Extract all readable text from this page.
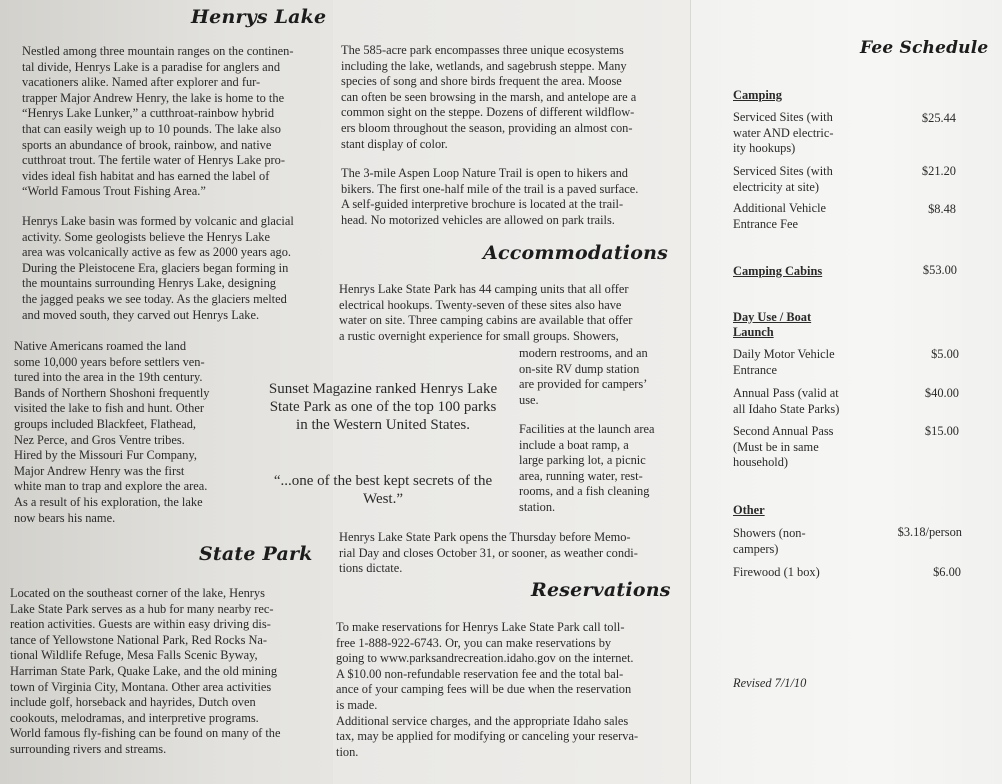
Henrys Lake

Nestled among three mountain ranges on the continen-
tal divide, Henrys Lake is a paradise for anglers and
vacationers alike. Named after explorer and fur-
trapper Major Andrew Henry, the lake is home to the
“Henrys Lake Lunker,” a cutthroat-rainbow hybrid
that can easily weigh up to 10 pounds. The lake also
sports an abundance of brook, rainbow, and native
cutthroat trout. The fertile water of Henrys Lake pro-
vides ideal fish habitat and has earned the label of
“World Famous Trout Fishing Area.”

Henrys Lake basin was formed by volcanic and glacial
activity. Some geologists believe the Henrys Lake
area was volcanically active as few as 2000 years ago.
During the Pleistocene Era, glaciers began forming in
the mountains surrounding Henrys Lake, designing
the jagged peaks we see today. As the glaciers melted
and moved south, they carved out Henrys Lake.

Native Americans roamed the land
some 10,000 years before settlers ven-
tured into the area in the 19th century.
Bands of Northern Shoshoni frequently
visited the lake to fish and hunt. Other
groups included Blackfeet, Flathead,
Nez Perce, and Gros Ventre tribes.
Hired by the Missouri Fur Company,
Major Andrew Henry was the first
white man to trap and explore the area.
As a result of his exploration, the lake
now bears his name.

State Park

Located on the southeast corner of the lake, Henrys
Lake State Park serves as a hub for many nearby rec-
reation activities. Guests are within easy driving dis-
tance of Yellowstone National Park, Red Rocks Na-
tional Wildlife Refuge, Mesa Falls Scenic Byway,
Harriman State Park, Quake Lake, and the old mining
town of Virginia City, Montana. Other area activities
include golf, horseback and hayrides, Dutch oven
cookouts, melodramas, and interpretive programs.
World famous fly-fishing can be found on many of the
surrounding rivers and streams.

The 585-acre park encompasses three unique ecosystems
including the lake, wetlands, and sagebrush steppe. Many
species of song and shore birds frequent the area. Moose
can often be seen browsing in the marsh, and antelope are a
common sight on the steppe. Dozens of different wildflow-
ers bloom throughout the season, providing an almost con-
stant display of color.

The 3-mile Aspen Loop Nature Trail is open to hikers and
bikers. The first one-half mile of the trail is a paved surface.
A self-guided interpretive brochure is located at the trail-
head. No motorized vehicles are allowed on park trails.

Accommodations

Henrys Lake State Park has 44 camping units that all offer
electrical hookups. Twenty-seven of these sites also have
water on site. Three camping cabins are available that offer
a rustic overnight experience for small groups. Showers,

modern restrooms, and an
on-site RV dump station
are provided for campers’
use.

Facilities at the launch area
include a boat ramp, a
large parking lot, a picnic
area, running water, rest-
rooms, and a fish cleaning
station.

Henrys Lake State Park opens the Thursday before Memo-
rial Day and closes October 31, or sooner, as weather condi-
tions dictate.

Reservations

To make reservations for Henrys Lake State Park call toll-
free 1-888-922-6743. Or, you can make reservations by
going to www.parksandrecreation.idaho.gov on the internet.
A $10.00 non-refundable reservation fee and the total bal-
ance of your camping fees will be due when the reservation
is made.
Additional service charges, and the appropriate Idaho sales
tax, may be applied for modifying or canceling your reserva-
tion.

Sunset Magazine ranked Henrys Lake
State Park as one of the top 100 parks
in the Western United States.

“...one of the best kept secrets of the
West.”

Fee Schedule

Camping

Serviced Sites (with
water AND electric-
ity hookups)

$25.44

Serviced Sites (with
electricity at site)

$21.20

Additional Vehicle
Entrance Fee

$8.48

Camping Cabins	$53.00

Day Use / Boat
Launch

Daily Motor Vehicle
Entrance

$5.00

Annual Pass (valid at
all Idaho State Parks)

$40.00

Second Annual Pass
(Must be in same
household)

$15.00

Other

Showers (non-
campers)

$3.18/person

Firewood (1 box)	$6.00

Revised 7/1/10
